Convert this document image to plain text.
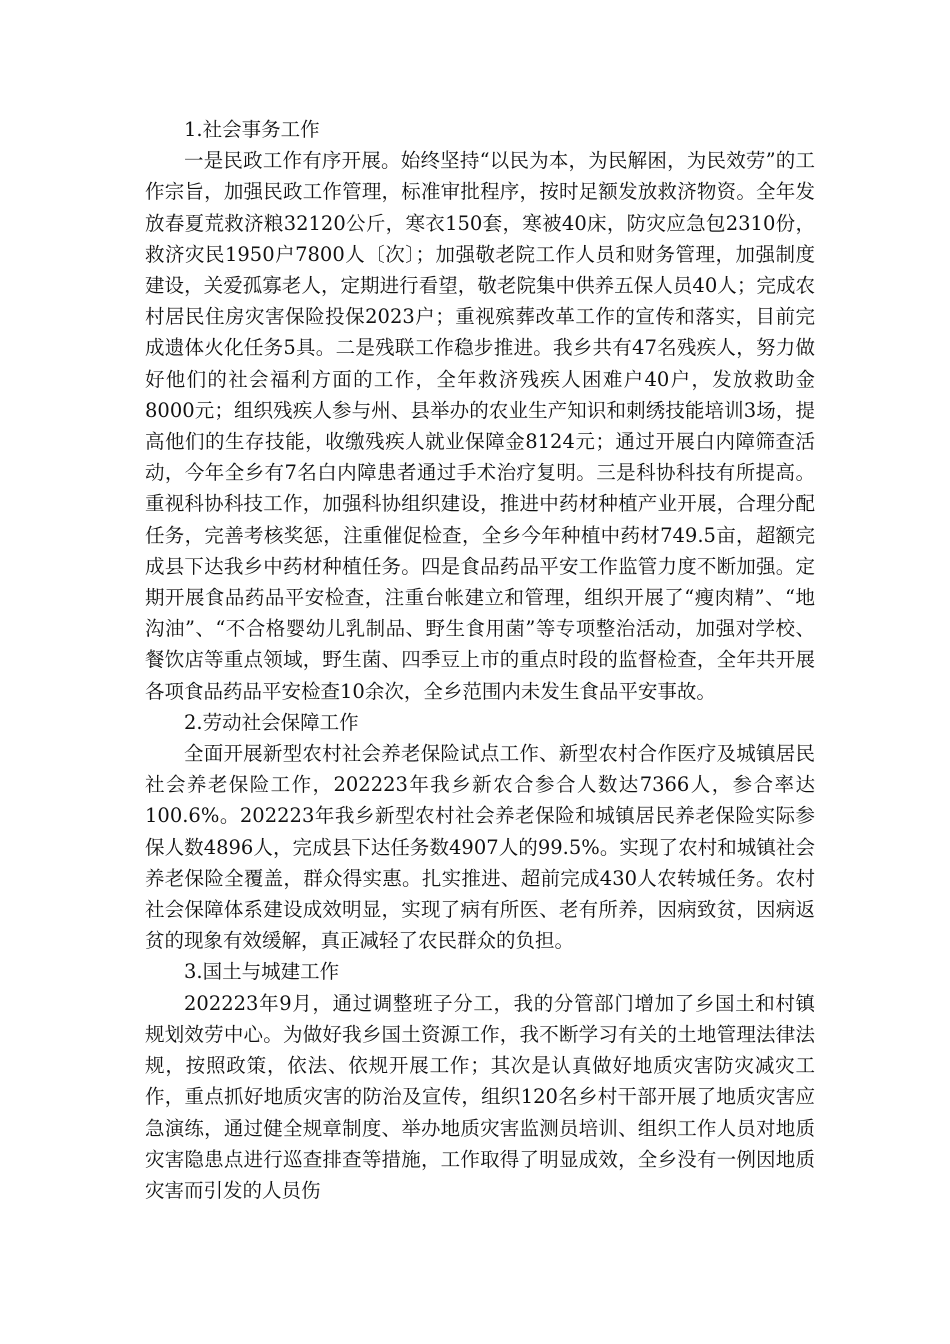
1.社会事务工作

一是民政工作有序开展。始终坚持“以民为本，为民解困，为民效劳”的工作宗旨，加强民政工作管理，标准审批程序，按时足额发放救济物资。全年发放春夏荒救济粮32120公斤，寒衣150套，寒被40床，防灾应急包2310份，救济灾民1950户7800人〔次〕；加强敬老院工作人员和财务管理，加强制度建设，关爱孤寡老人，定期进行看望，敬老院集中供养五保人员40人；完成农村居民住房灾害保险投保2023户；重视殡葬改革工作的宣传和落实，目前完成遗体火化任务5具。二是残联工作稳步推进。我乡共有47名残疾人，努力做好他们的社会福利方面的工作，全年救济残疾人困难户40户，发放救助金8000元；组织残疾人参与州、县举办的农业生产知识和刺绣技能培训3场，提高他们的生存技能，收缴残疾人就业保障金8124元；通过开展白内障筛查活动，今年全乡有7名白内障患者通过手术治疗复明。三是科协科技有所提高。重视科协科技工作，加强科协组织建设，推进中药材种植产业开展，合理分配任务，完善考核奖惩，注重催促检查，全乡今年种植中药材749.5亩，超额完成县下达我乡中药材种植任务。四是食品药品平安工作监管力度不断加强。定期开展食品药品平安检查，注重台帐建立和管理，组织开展了“瘦肉精”、“地沟油”、“不合格婴幼儿乳制品、野生食用菌”等专项整治活动，加强对学校、餐饮店等重点领域，野生菌、四季豆上市的重点时段的监督检查，全年共开展各项食品药品平安检查10余次，全乡范围内未发生食品平安事故。

2.劳动社会保障工作

全面开展新型农村社会养老保险试点工作、新型农村合作医疗及城镇居民社会养老保险工作，202223年我乡新农合参合人数达7366人，参合率达100.6%。202223年我乡新型农村社会养老保险和城镇居民养老保险实际参保人数4896人，完成县下达任务数4907人的99.5%。实现了农村和城镇社会养老保险全覆盖，群众得实惠。扎实推进、超前完成430人农转城任务。农村社会保障体系建设成效明显，实现了病有所医、老有所养，因病致贫，因病返贫的现象有效缓解，真正减轻了农民群众的负担。

3.国土与城建工作

202223年9月，通过调整班子分工，我的分管部门增加了乡国土和村镇规划效劳中心。为做好我乡国土资源工作，我不断学习有关的土地管理法律法规，按照政策，依法、依规开展工作；其次是认真做好地质灾害防灾减灾工作，重点抓好地质灾害的防治及宣传，组织120名乡村干部开展了地质灾害应急演练，通过健全规章制度、举办地质灾害监测员培训、组织工作人员对地质灾害隐患点进行巡查排查等措施，工作取得了明显成效，全乡没有一例因地质灾害而引发的人员伤
